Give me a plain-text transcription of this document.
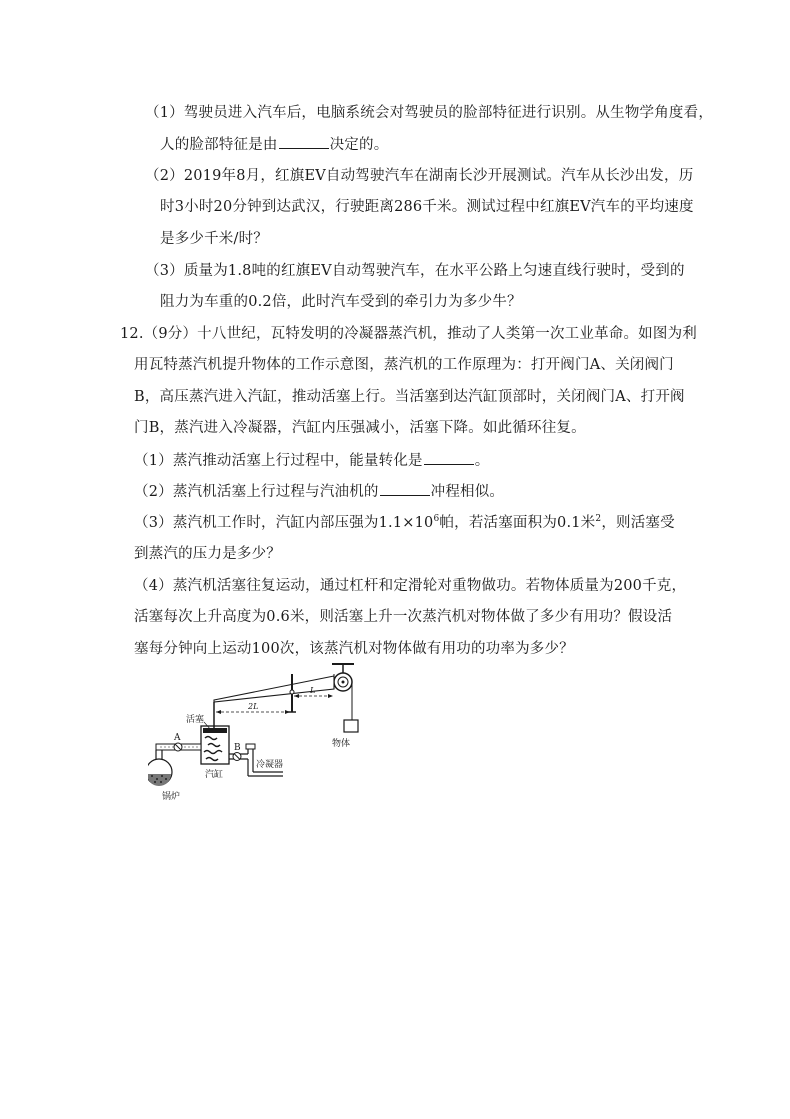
（1）驾驶员进入汽车后，电脑系统会对驾驶员的脸部特征进行识别。从生物学角度看，
人的脸部特征是由	决定的。
（2）2019年8月，红旗EV自动驾驶汽车在湖南长沙开展测试。汽车从长沙出发，历
时3小时20分钟到达武汉，行驶距离286千米。测试过程中红旗EV汽车的平均速度
是多少千米/时？
（3）质量为1.8吨的红旗EV自动驾驶汽车，在水平公路上匀速直线行驶时，受到的
阻力为车重的0.2倍，此时汽车受到的牵引力为多少牛？
12.（9分）十八世纪，瓦特发明的冷凝器蒸汽机，推动了人类第一次工业革命。如图为利
用瓦特蒸汽机提升物体的工作示意图，蒸汽机的工作原理为：打开阀门A、关闭阀门
B，高压蒸汽进入汽缸，推动活塞上行。当活塞到达汽缸顶部时，关闭阀门A、打开阀
门B，蒸汽进入冷凝器，汽缸内压强减小，活塞下降。如此循环往复。
（1）蒸汽推动活塞上行过程中，能量转化是	。
（2）蒸汽机活塞上行过程与汽油机的	冲程相似。
（3）蒸汽机工作时，汽缸内部压强为$1.1\times 10^6$帕，若活塞面积为0.1米$^2$，则活塞受
到蒸汽的压力是多少？
（4）蒸汽机活塞往复运动，通过杠杆和定滑轮对重物做功。若物体质量为200千克，
活塞每次上升高度为0.6米，则活塞上升一次蒸汽机对物体做了多少有用功？假设活
塞每分钟向上运动100次，该蒸汽机对物体做有用功的功率为多少？
物体
2L
L
活塞
汽缸
A
锅炉
B
冷凝器
